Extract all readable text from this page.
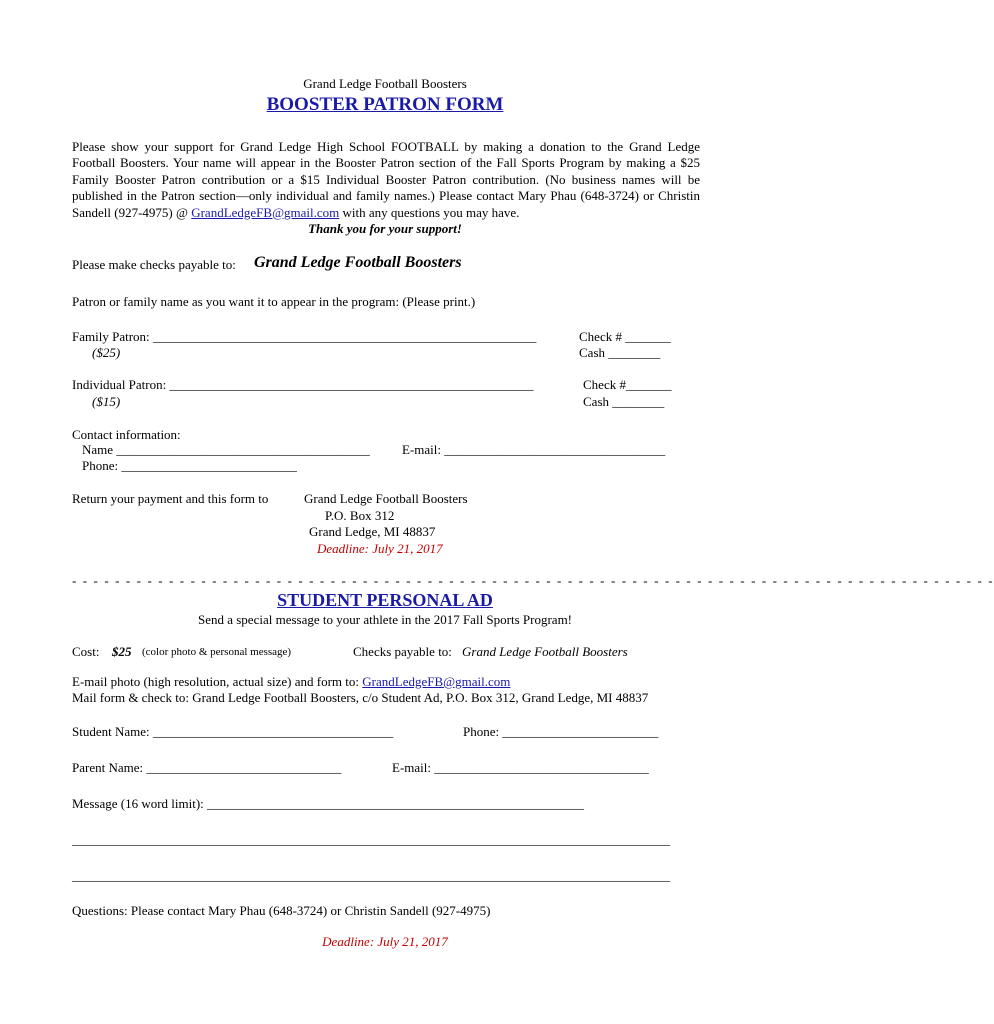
Grand Ledge Football Boosters
BOOSTER PATRON FORM
Please show your support for Grand Ledge High School FOOTBALL by making a donation to the Grand Ledge Football Boosters. Your name will appear in the Booster Patron section of the Fall Sports Program by making a $25 Family Booster Patron contribution or a $15 Individual Booster Patron contribution. (No business names will be published in the Patron section—only individual and family names.) Please contact Mary Phau (648-3724) or Christin Sandell (927-4975) @ GrandLedgeFB@gmail.com with any questions you may have.
Thank you for your support!
Please make checks payable to: Grand Ledge Football Boosters
Patron or family name as you want it to appear in the program: (Please print.)
Family Patron: ___________________________________________________________
($25)
Check # _______
Cash ________
Individual Patron: ________________________________________________________
($15)
Check #_______
Cash ________
Contact information:
Name _______________________________________ E-mail: __________________________________
Phone: ___________________________
Return your payment and this form to	Grand Ledge Football Boosters
P.O. Box 312
Grand Ledge, MI 48837
Deadline: July 21, 2017
- - - - - - - - - - - - - - - - - - - - - - - - - - - - - - - - - - - - - - - - - - - - - - - - - - - - - - - - - - - - - - - - - - - - - - - - - - - - - - - - - - - - - -
STUDENT PERSONAL AD
Send a special message to your athlete in the 2017 Fall Sports Program!
Cost: $25 (color photo & personal message)	Checks payable to: Grand Ledge Football Boosters
E-mail photo (high resolution, actual size) and form to: GrandLedgeFB@gmail.com
Mail form & check to: Grand Ledge Football Boosters, c/o Student Ad, P.O. Box 312, Grand Ledge, MI 48837
Student Name: _____________________________________	Phone: ________________________
Parent Name: ______________________________	E-mail: _________________________________
Message (16 word limit): __________________________________________________________
____________________________________________________________________________________________
____________________________________________________________________________________________
Questions: Please contact Mary Phau (648-3724) or Christin Sandell (927-4975)
Deadline: July 21, 2017
